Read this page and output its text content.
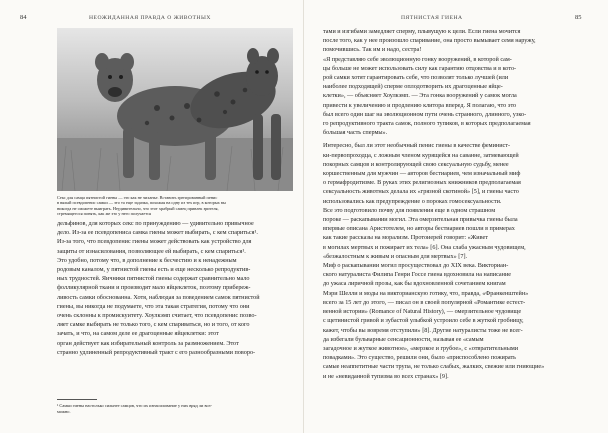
84	НЕОЖИДАННАЯ ПРАВДА О ЖИВОТНЫХ
Секс для самца пятнистой гиены — это как не чиханье. Вставить эрегированный пенис
в вялый псевдопенис самки — это та еще задачка, похожая на одну из тех игр, в которых вы
никогда не сможете выиграть. Неудивительно, что этот храбрый самец привлек зрителя,
стремящегося понять, как же это у него получается
дельфинов, для которых секс по принуждению — удивительно привычное
дело. Из-за ее псевдопениса самка гиены может выбирать, с кем спариться¹.
Из-за того, что псевдопенис гиены может действовать как устройство для
защиты от изнасилования, позволяющее ей выбирать, с кем спариться¹.
Это удобно, потому что, в дополнение к бесчестию и к ненадежным
родовым каналом, у пятнистой гиены есть и еще несколько репродуктив-
ных трудностей. Яичники пятнистой гиены содержат сравнительно мало
фолликулярной ткани и производят мало яйцеклеток, поэтому прибереж-
ливость самки обоснованна. Хотя, наблюдая за поведением самок пятнистой
гиены, вы никогда не подумаете, что эта такая стратегия, потому что они
очень склонны к промискуитету. Хоулкэмп считает, что псевдопенис позво-
ляет самке выбирать не только того, с кем спариваться, но и того, от кого
зачать, и что, на самом деле ее драгоценные яйцеклетки: этот
орган действует как избирательный контроль за размножением. Этот
странно удлиненный репродуктивный тракт с его разнообразными поворо-
¹ Самки гиены настолько сильнее самцов, что их изнасилование у них вряд ли воз-
можно.
ПЯТНИСТАЯ ГИЕНА	85
тами и изгибами замедляет сперму, плывущую к цели. Если гиена мочится
после того, как у нее произошло спаривание, она просто вымывает семя наружу,
помочившись. Так им и надо, сестра!
«Я представляю себе эволюционную гонку вооружений, в которой сам-
цы больше не может использовать силу как гарантию отцовства и в кото-
рой самки хотят гарантировать себе, что позволят только лучшей (или
наиболее подходящей) сперме оплодотворить их драгоценные яйце-
клетки», — объясняет Хоулкэмп. — Эта гонка вооружений у самок могла
привести к увеличению и продлению клитора вперед. Я полагаю, что это
был всего один шаг на эволюционном пути очень странного, длинного, узко-
го репродуктивного тракта самок, полного тупиков, в которых предполагаемая
большая часть спермы».
Интересно, был ли этот необычный пенис гиены в качестве феминист-
ки-первопроходца, с ложным членом курящейся на саванне, затмевающей
покорных самцов и контролирующей свою сексуальную судьбу, менее
коршественным для мужчин — авторов бестиариев, чем изначальный миф
о гермафродитизме. В руках этих религиозных книжников предполагаемая
сексуальность животных делала их «грязной скотиной» [5], и гиены часто
использовались как предупреждение о пороках гомосексуальности.
Все это подготовило почву для появления еще в одном страшном
пороке — раскапывании могил. Эта омерзительная привычка гиены была
впервые описана Аристотелем, но авторы бестиариев пошли в примерах
как такие рассказы на морализм. Протоиерей говорит: «Живет
в могилах мертвых и пожирает их тела» [6]. Она слаба ужасным чудовищем,
«безжалостным к живым и опасным для мертвых» [7].
Миф о раскапывании могил просуществовал до XIX века. Викториан-
ского натуралиста Филипа Генри Госсе гиена вдохновила на написание
до ужаса лиричной прозы, как бы вдохновленной сочетанием книгам
Мэри Шелли и моды на викторианскую готику, что, правда, «Франкенштейн»
всего за 15 лет до этого, — писал он в своей популярной «Романтике естест-
венной истории» (Romance of Natural History), — омерзительное чудовище
с щетинистой гривой и зубастой улыбкой устроило себе в жуткой гробницу,
кажет, чтобы вы вовремя отступили» [8]. Другие натуралисты тоже не всег-
да избегали бульварные сенсационности, называя ее «самым
загадочное и жуткое животное», «мерзкое и грубое», с «отвратительными
повадками». Это существо, решили они, было «приспособлено пожирать
самые неаппетитные части трупа, не только слабых, жалких, свежие или гниющие»
и не «невиданной тупизма во всех странах» [9].
